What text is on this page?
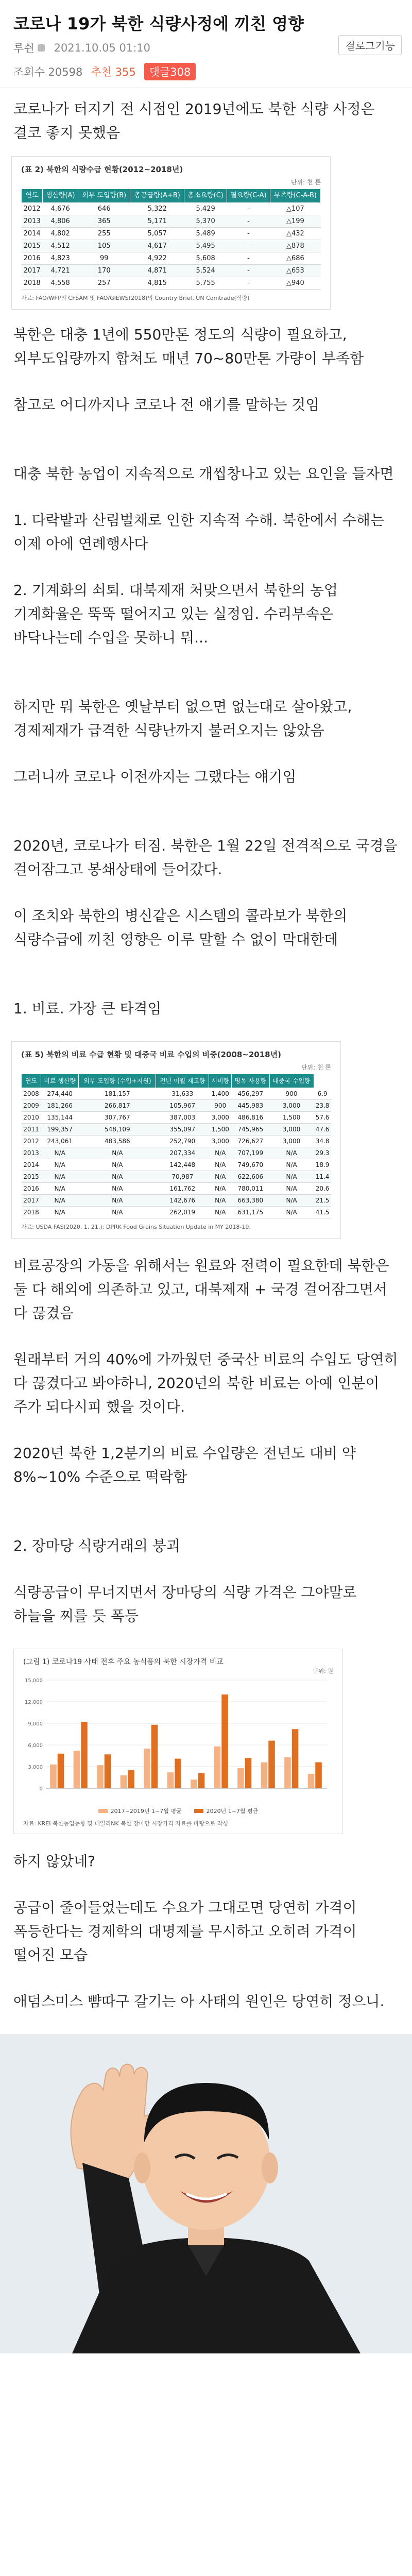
코로나 19가 북한 식량사정에 끼친 영향
루쉰 2021.10.05 01:10	결로그기능
조회수 20598 추천 355	댓글308

코로나가 터지기 전 시점인 2019년에도 북한 식량 사정은 결코 좋지 못했음

(표 2) 북한의 식량수급 현황(2012~2018년)
단위: 천 톤
연도	생산량(A)	외부 도입량(B)	총공급량(A+B)	총소요량(C)	필요량(C-A)	부족량(C-A-B)
2012	4,676	646	5,322	5,429	-	△107
2013	4,806	365	5,171	5,370	-	△199
2014	4,802	255	5,057	5,489	-	△432
2015	4,512	105	4,617	5,495	-	△878
2016	4,823	99	4,922	5,608	-	△686
2017	4,721	170	4,871	5,524	-	△653
2018	4,558	257	4,815	5,755	-	△940
자료: FAO/WFP의 CFSAM 및 FAO/GIEWS(2018)의 Country Brief, UN Comtrade(식량)

북한은 대충 1년에 550만톤 정도의 식량이 필요하고, 외부도입량까지 합쳐도 매년 70~80만톤 가량이 부족함

참고로 어디까지나 코로나 전 얘기를 말하는 것임

대충 북한 농업이 지속적으로 개씹창나고 있는 요인을 들자면

1. 다락밭과 산림벌채로 인한 지속적 수해. 북한에서 수해는 이제 아에 연례행사다

2. 기계화의 쇠퇴. 대북제재 처맞으면서 북한의 농업 기계화율은 뚝뚝 떨어지고 있는 실정임. 수리부속은 바닥나는데 수입을 못하니 뭐...

하지만 뭐 북한은 옛날부터 없으면 없는대로 살아왔고, 경제제재가 급격한 식량난까지 불러오지는 않았음

그러니까 코로나 이전까지는 그랬다는 얘기임

2020년, 코로나가 터짐. 북한은 1월 22일 전격적으로 국경을 걸어잠그고 봉쇄상태에 들어갔다.

이 조치와 북한의 병신같은 시스템의 콜라보가 북한의 식량수급에 끼친 영향은 이루 말할 수 없이 막대한데

1. 비료. 가장 큰 타격임

(표 5) 북한의 비료 수급 현황 및 대중국 비료 수입의 비중(2008~2018년)
단위: 천 톤
연도	비료 생산량	외부 도입량 (수입+지원)	전년 이월 재고량	시비량	명목 사용량	대중국 수입량	
2008	274,440	181,157	31,633	1,400	456,297	900	6.9
2009	181,266	266,817	105,967	900	445,983	3,000	23.8
2010	135,144	307,767	387,003	3,000	486,816	1,500	57.6
2011	199,357	548,109	355,097	1,500	745,965	3,000	47.6
2012	243,061	483,586	252,790	3,000	726,627	3,000	34.8
2013	N/A	N/A	207,334	N/A	707,199	N/A	29.3
2014	N/A	N/A	142,448	N/A	749,670	N/A	18.9
2015	N/A	N/A	70,987	N/A	622,606	N/A	11.4
2016	N/A	N/A	161,762	N/A	780,011	N/A	20.6
2017	N/A	N/A	142,676	N/A	663,380	N/A	21.5
2018	N/A	N/A	262,019	N/A	631,175	N/A	41.5
자료: USDA FAS(2020. 1. 21.); DPRK Food Grains Situation Update in MY 2018-19.

비료공장의 가동을 위해서는 원료와 전력이 필요한데 북한은 둘 다 해외에 의존하고 있고, 대북제재 + 국경 걸어잠그면서 다 끊겼음

원래부터 거의 40%에 가까웠던 중국산 비료의 수입도 당연히 다 끊겼다고 봐야하니, 2020년의 북한 비료는 아예 인분이 주가 되다시피 했을 것이다.

2020년 북한 1,2분기의 비료 수입량은 전년도 대비 약 8%~10% 수준으로 떡락함

2. 장마당 식량거래의 붕괴

식량공급이 무너지면서 장마당의 식량 가격은 그야말로 하늘을 찌를 듯 폭등

(그림 1) 코로나19 사태 전후 주요 농식품의 북한 시장가격 비교
단위: 원
0
3,000
6,000
9,000
12,000
15,000
2017~2019년 1~7월 평균	2020년 1~7월 평균
자료: KREI 북한농업동향 및 데일리NK 북한 장마당 시장가격 자료를 바탕으로 작성

하지 않았네?

공급이 줄어들었는데도 수요가 그대로면 당연히 가격이 폭등한다는 경제학의 대명제를 무시하고 오히려 가격이 떨어진 모습

애덤스미스 뺨따구 갈기는 아 사태의 원인은 당연히 정으니.
